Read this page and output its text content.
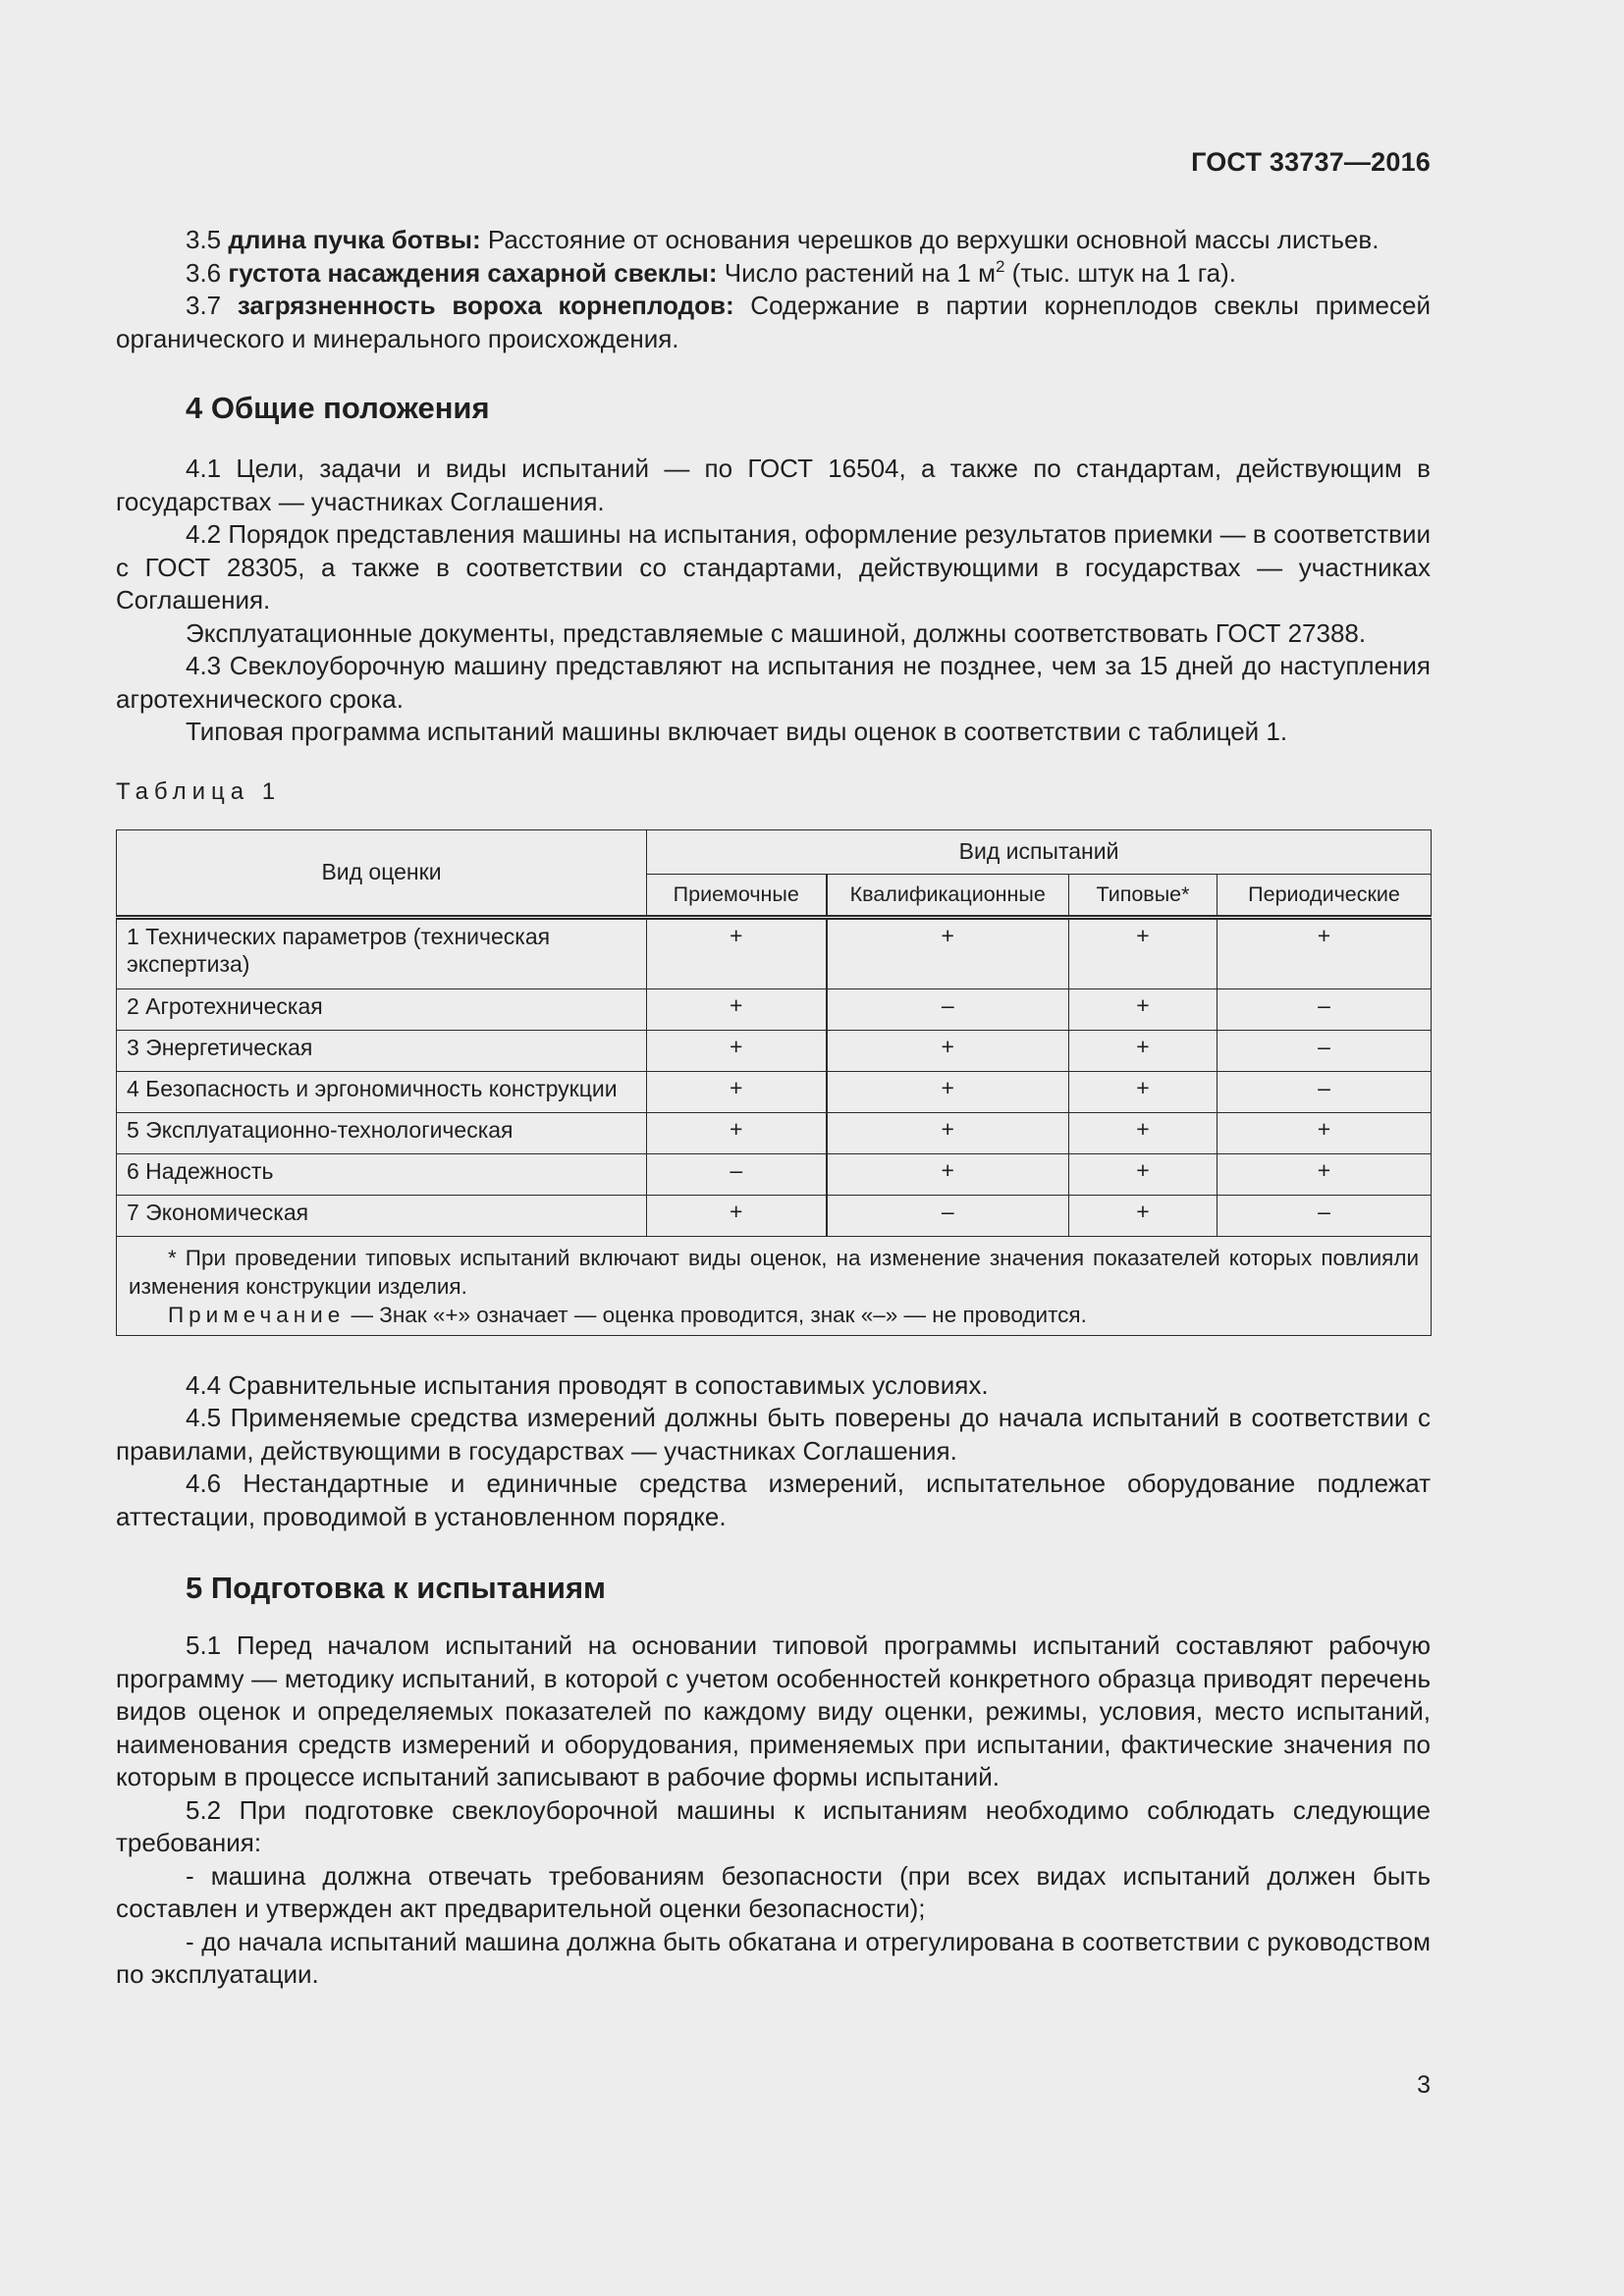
ГОСТ 33737—2016

3.5 длина пучка ботвы: Расстояние от основания черешков до верхушки основной массы листьев.

3.6 густота насаждения сахарной свеклы: Число растений на 1 $м^2$ (тыс. штук на 1 га).

3.7 загрязненность вороха корнеплодов: Содержание в партии корнеплодов свеклы примесей органического и минерального происхождения.

4 Общие положения

4.1 Цели, задачи и виды испытаний — по ГОСТ 16504, а также по стандартам, действующим в государствах — участниках Соглашения.

4.2 Порядок представления машины на испытания, оформление результатов приемки — в соответствии с ГОСТ 28305, а также в соответствии со стандартами, действующими в государствах — участниках Соглашения.

Эксплуатационные документы, представляемые с машиной, должны соответствовать ГОСТ 27388.

4.3 Свеклоуборочную машину представляют на испытания не позднее, чем за 15 дней до наступления агротехнического срока.

Типовая программа испытаний машины включает виды оценок в соответствии с таблицей 1.

Таблица 1
Вид оценки	Вид испытаний			
	Приемочные	Квалификационные	Типовые*	Периодические
1 Технических параметров (техническая экспертиза)	+	+	+	+
2 Агротехническая	+	–	+	–
3 Энергетическая	+	+	+	–
4 Безопасность и эргономичность конструкции	+	+	+	–
5 Эксплуатационно-технологическая	+	+	+	+
6 Надежность	–	+	+	+
7 Экономическая	+	–	+	–

* При проведении типовых испытаний включают виды оценок, на изменение значения показателей которых повлияли изменения конструкции изделия.
Примечание — Знак «+» означает — оценка проводится, знак «–» — не проводится.				

4.4 Сравнительные испытания проводят в сопоставимых условиях.

4.5 Применяемые средства измерений должны быть поверены до начала испытаний в соответствии с правилами, действующими в государствах — участниках Соглашения.

4.6 Нестандартные и единичные средства измерений, испытательное оборудование подлежат аттестации, проводимой в установленном порядке.

5 Подготовка к испытаниям

5.1 Перед началом испытаний на основании типовой программы испытаний составляют рабочую программу — методику испытаний, в которой с учетом особенностей конкретного образца приводят перечень видов оценок и определяемых показателей по каждому виду оценки, режимы, условия, место испытаний, наименования средств измерений и оборудования, применяемых при испытании, фактические значения по которым в процессе испытаний записывают в рабочие формы испытаний.

5.2 При подготовке свеклоуборочной машины к испытаниям необходимо соблюдать следующие требования:

- машина должна отвечать требованиям безопасности (при всех видах испытаний должен быть составлен и утвержден акт предварительной оценки безопасности);

- до начала испытаний машина должна быть обкатана и отрегулирована в соответствии с руководством по эксплуатации.

3
